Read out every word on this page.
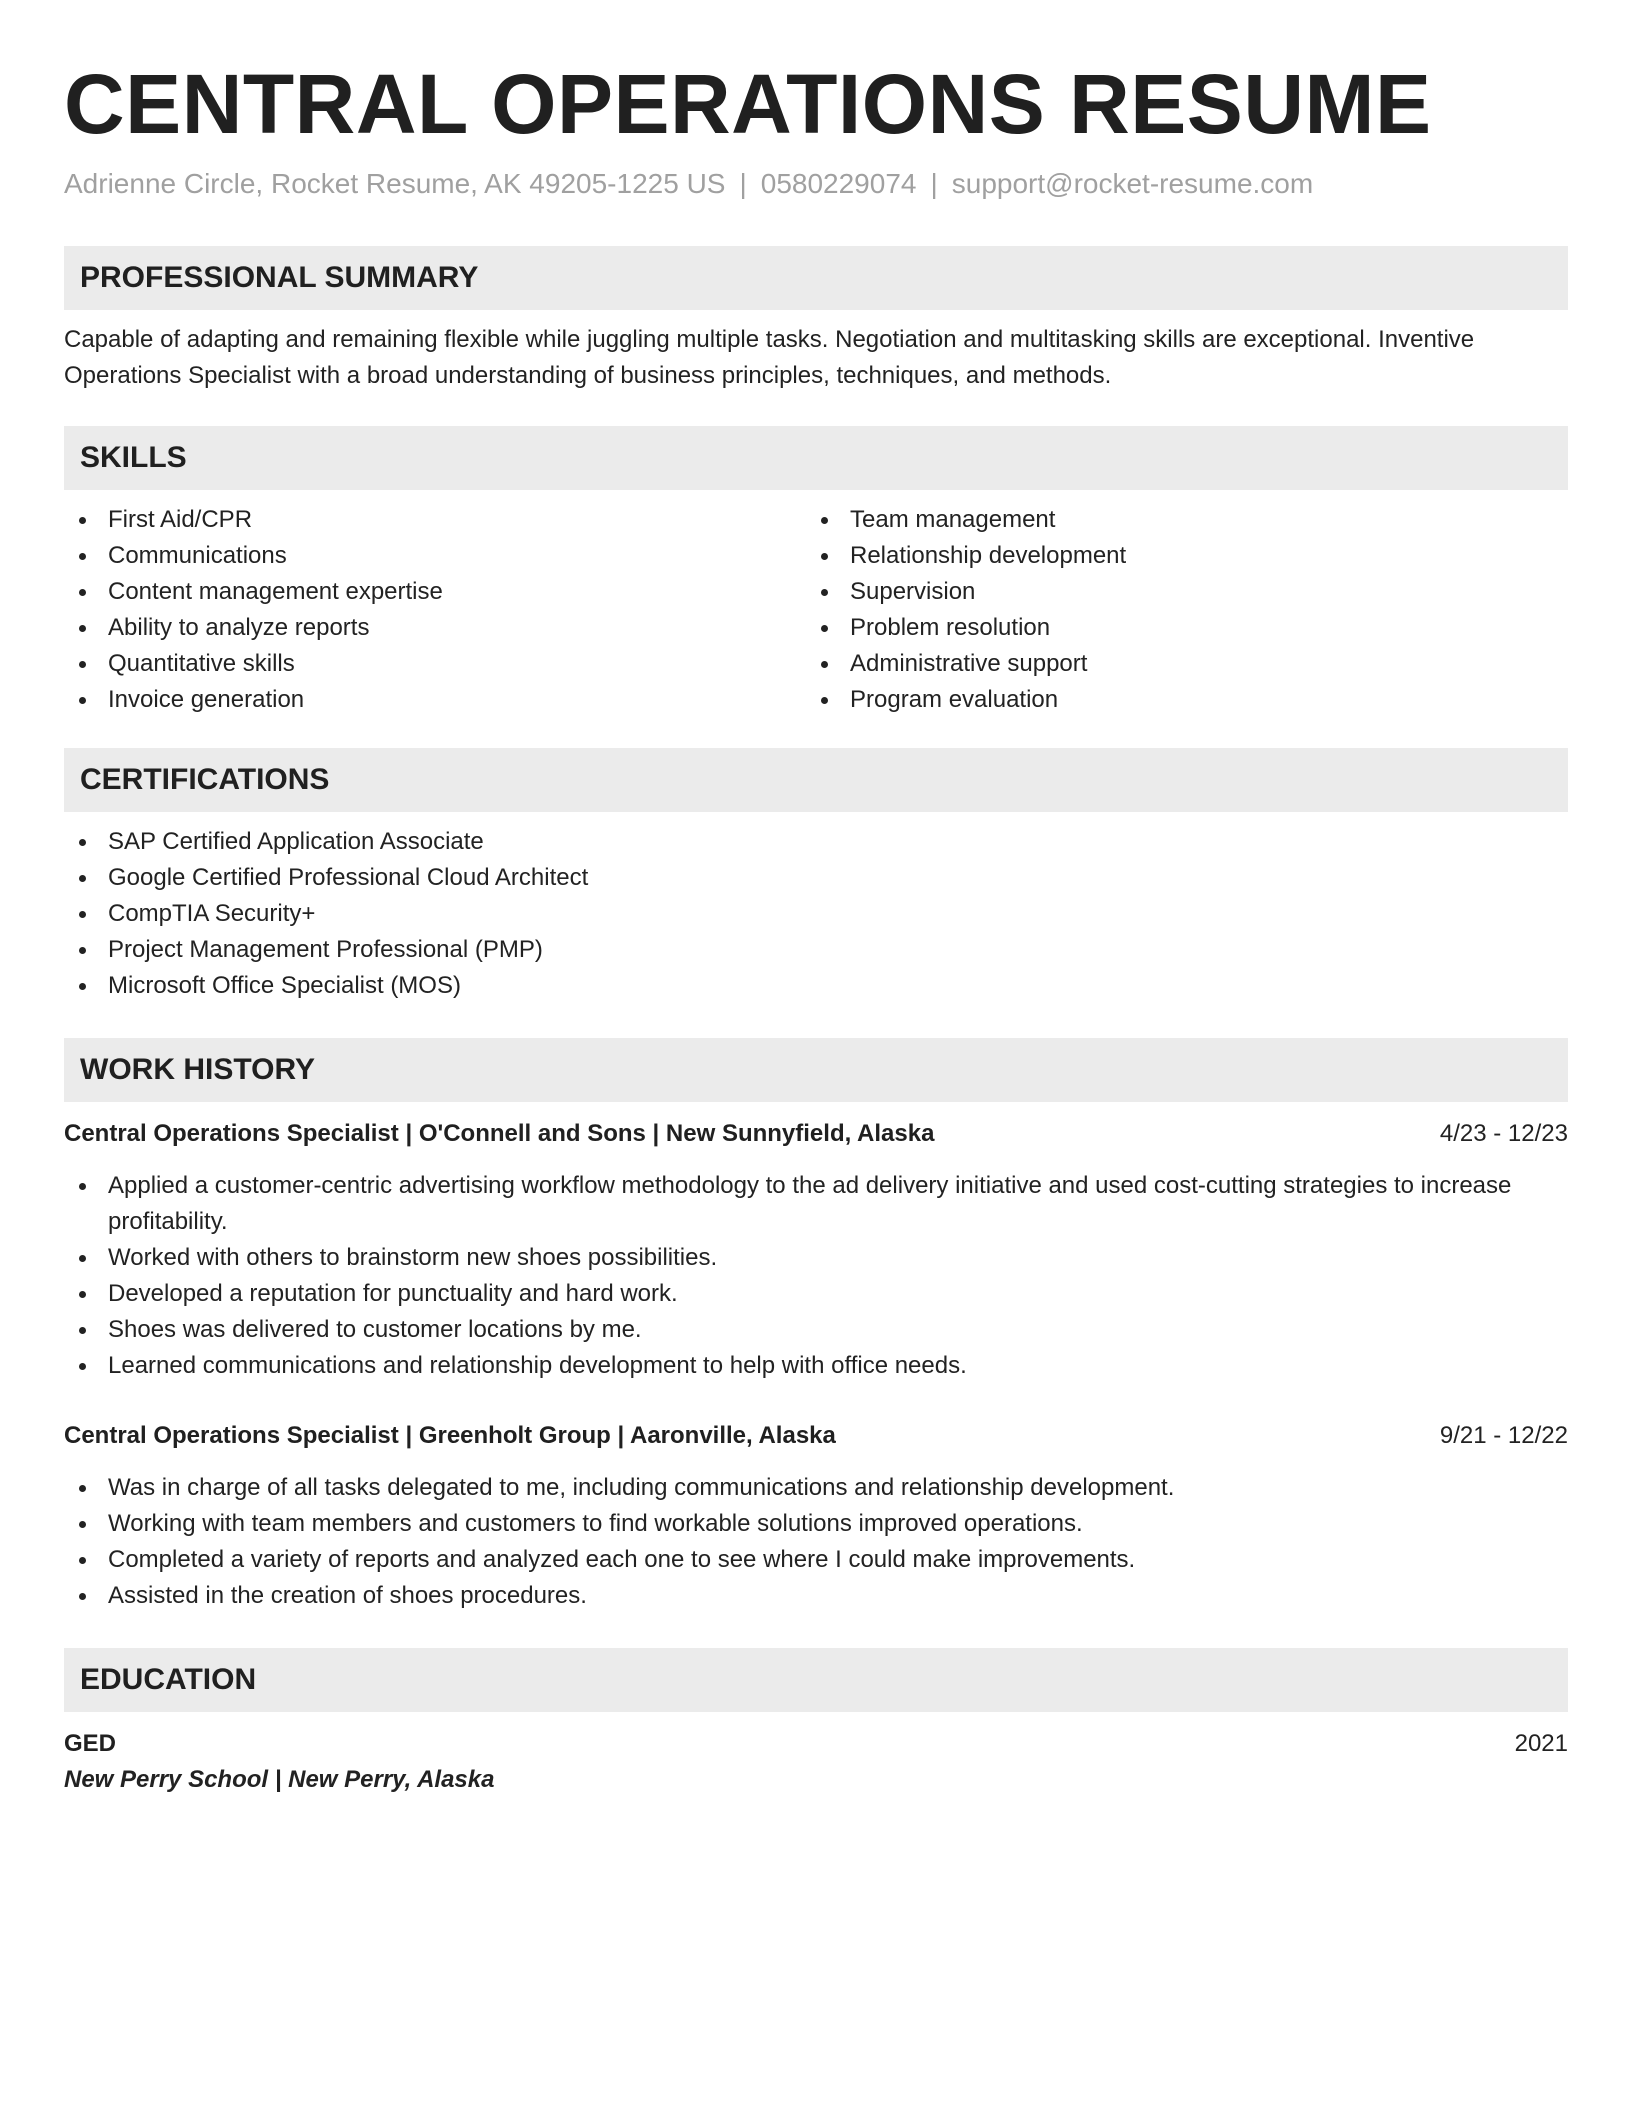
CENTRAL OPERATIONS RESUME
Adrienne Circle, Rocket Resume, AK 49205-1225 US | 0580229074 | support@rocket-resume.com
PROFESSIONAL SUMMARY
Capable of adapting and remaining flexible while juggling multiple tasks. Negotiation and multitasking skills are exceptional. Inventive Operations Specialist with a broad understanding of business principles, techniques, and methods.
SKILLS
First Aid/CPR
Communications
Content management expertise
Ability to analyze reports
Quantitative skills
Invoice generation
Team management
Relationship development
Supervision
Problem resolution
Administrative support
Program evaluation
CERTIFICATIONS
SAP Certified Application Associate
Google Certified Professional Cloud Architect
CompTIA Security+
Project Management Professional (PMP)
Microsoft Office Specialist (MOS)
WORK HISTORY
Central Operations Specialist | O'Connell and Sons | New Sunnyfield, Alaska	4/23 - 12/23
Applied a customer-centric advertising workflow methodology to the ad delivery initiative and used cost-cutting strategies to increase profitability.
Worked with others to brainstorm new shoes possibilities.
Developed a reputation for punctuality and hard work.
Shoes was delivered to customer locations by me.
Learned communications and relationship development to help with office needs.
Central Operations Specialist | Greenholt Group | Aaronville, Alaska	9/21 - 12/22
Was in charge of all tasks delegated to me, including communications and relationship development.
Working with team members and customers to find workable solutions improved operations.
Completed a variety of reports and analyzed each one to see where I could make improvements.
Assisted in the creation of shoes procedures.
EDUCATION
GED	2021
New Perry School | New Perry, Alaska
